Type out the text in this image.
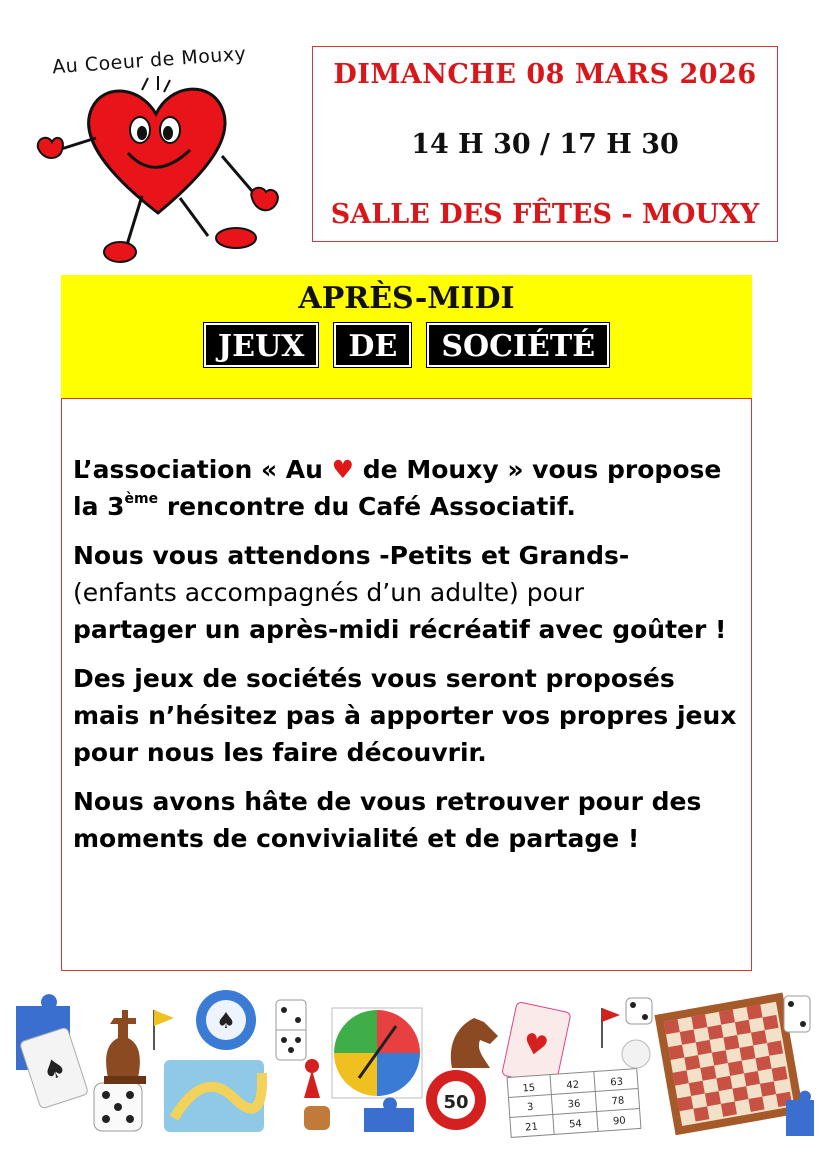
Au Coeur de Mouxy	DIMANCHE 08 MARS 2026
14 H 30 / 17 H 30
SALLE DES FÊTES - MOUXY
APRÈS-MIDI
JEUX	DE	SOCIÉTÉ

L’association « Au ♥ de Mouxy » vous propose la 3ème rencontre du Café Associatif.

Nous vous attendons -Petits et Grands-
(enfants accompagnés d’un adulte) pour
partager un après-midi récréatif avec goûter !

Des jeux de sociétés vous seront proposés mais n’hésitez pas à apporter vos propres jeux pour nous les faire découvrir.

Nous avons hâte de vous retrouver pour des moments de convivialité et de partage !

♠
♠
50
♥
15	42	63
3	36	78
21	54	90
